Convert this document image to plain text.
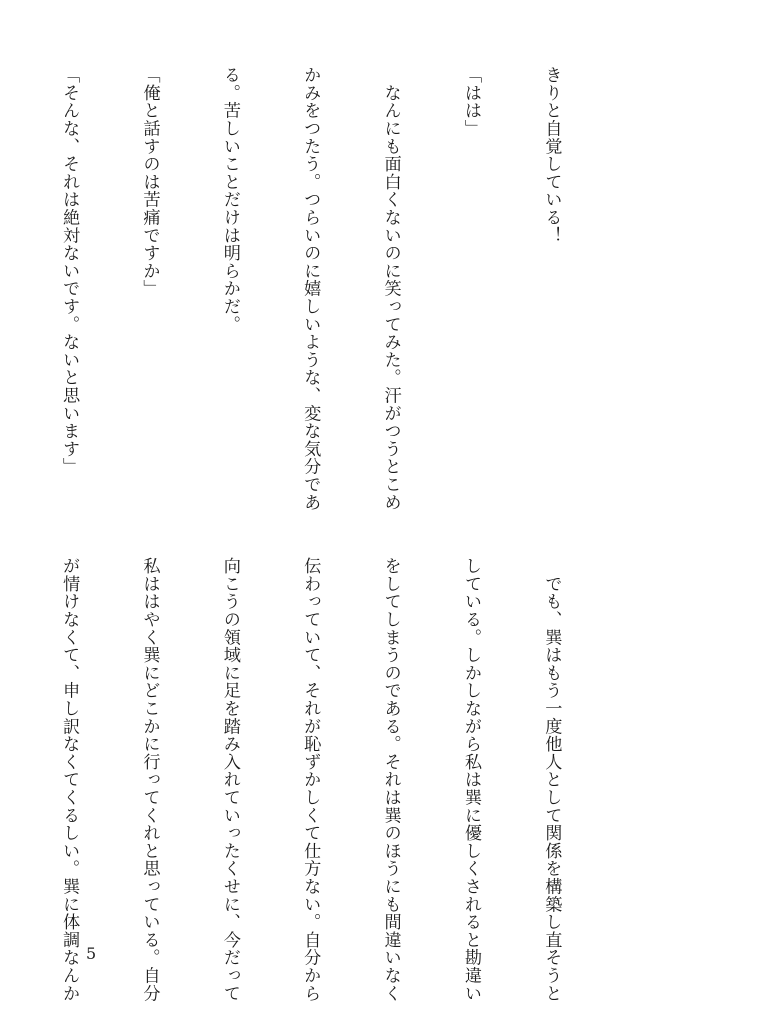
きりと自覚している！

「はは」

　なんにも面白くないのに笑ってみた。汗がつうとこめ

かみをつたう。つらいのに嬉しいような、変な気分であ

る。苦しいことだけは明らかだ。

「俺と話すのは苦痛ですか」

「そんな、それは絶対ないです。ないと思います」

　でも、巽はもう一度他人として関係を構築し直そうと

している。しかしながら私は巽に優しくされると勘違い

をしてしまうのである。それは巽のほうにも間違いなく

伝わっていて、それが恥ずかしくて仕方ない。自分から

向こうの領域に足を踏み入れていったくせに、今だって

私ははやく巽にどこかに行ってくれと思っている。自分

が情けなくて、申し訳なくてくるしい。巽に体調なんか

5
